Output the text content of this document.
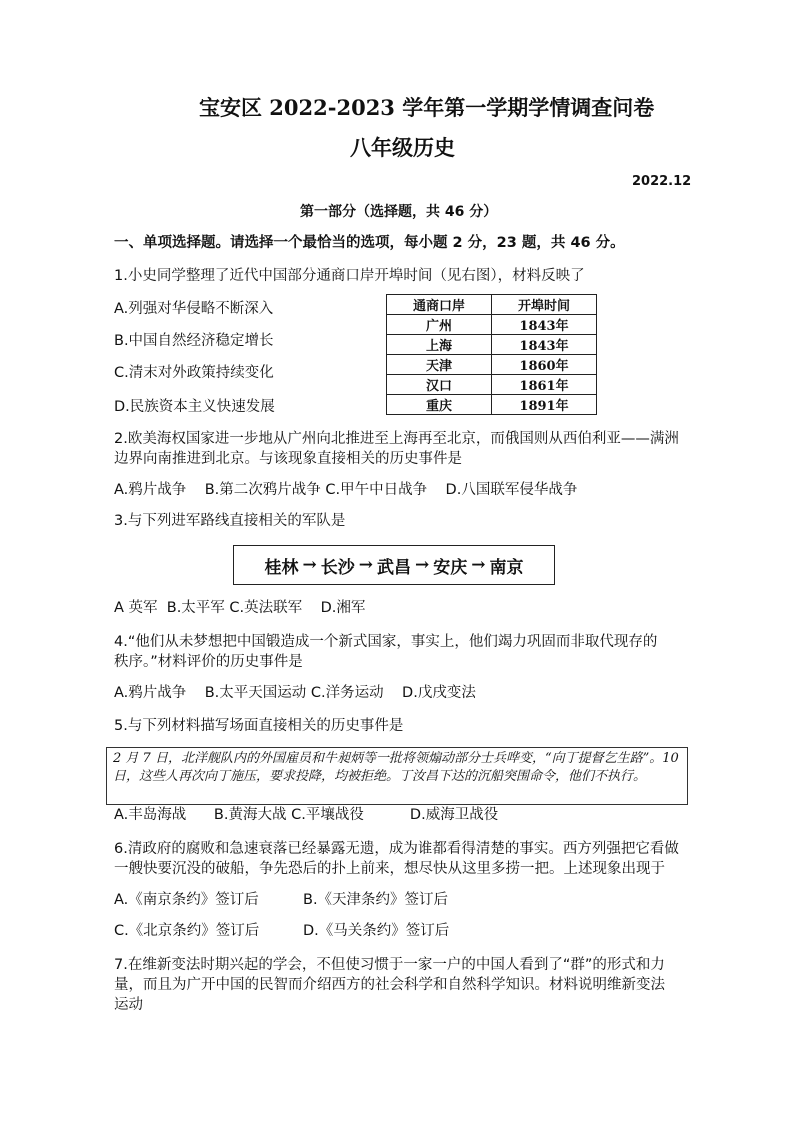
宝安区 2022-2023 学年第一学期学情调查问卷
八年级历史
2022.12
第一部分（选择题，共 46 分）
一、单项选择题。请选择一个最恰当的选项，每小题 2 分，23 题，共 46 分。
1.小史同学整理了近代中国部分通商口岸开埠时间（见右图），材料反映了
A.列强对华侵略不断深入
B.中国自然经济稳定增长
C.清末对外政策持续变化
D.民族资本主义快速发展
通商口岸	开埠时间
广州	1843年
上海	1843年
天津	1860年
汉口	1861年
重庆	1891年
2.欧美海权国家进一步地从广州向北推进至上海再至北京，而俄国则从西伯利亚——满洲
边界向南推进到北京。与该现象直接相关的历史事件是
A.鸦片战争    B.第二次鸦片战争 C.甲午中日战争    D.八国联军侵华战争
3.与下列进军路线直接相关的军队是
桂林 → 长沙 → 武昌 → 安庆 → 南京
A 英军  B.太平军 C.英法联军    D.湘军
4.“他们从未梦想把中国锻造成一个新式国家，事实上，他们竭力巩固而非取代现存的
秩序。”材料评价的历史事件是
A.鸦片战争    B.太平天国运动 C.洋务运动    D.戊戌变法
5.与下列材料描写场面直接相关的历史事件是
2 月 7 日，北洋舰队内的外国雇员和牛昶炳等一批将领煽动部分士兵哗变，“向丁提督乞生路”。10 日，这些人再次向丁施压，要求投降，均被拒绝。丁汝昌下达的沉船突围命令，他们不执行。
A.丰岛海战      B.黄海大战 C.平壤战役          D.威海卫战役
6.清政府的腐败和急速衰落已经暴露无遗，成为谁都看得清楚的事实。西方列强把它看做
一艘快要沉没的破船，争先恐后的扑上前来，想尽快从这里多捞一把。上述现象出现于
A.《南京条约》签订后	B.《天津条约》签订后
C.《北京条约》签订后	D.《马关条约》签订后
7.在维新变法时期兴起的学会，不但使习惯于一家一户的中国人看到了“群”的形式和力
量，而且为广开中国的民智而介绍西方的社会科学和自然科学知识。材料说明维新变法
运动
